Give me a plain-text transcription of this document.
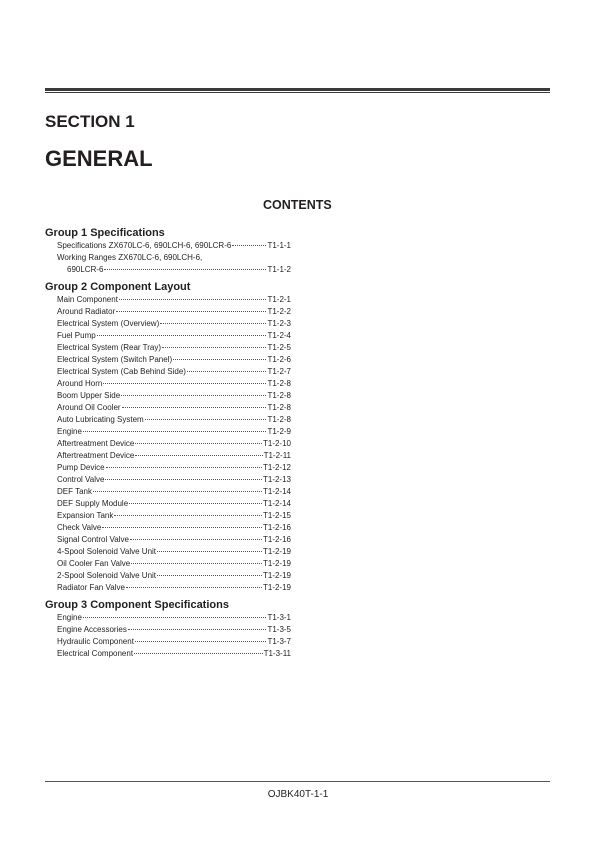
SECTION 1
GENERAL
CONTENTS
Group 1 Specifications
Specifications ZX670LC-6, 690LCH-6, 690LCR-6	T1-1-1
Working Ranges ZX670LC-6, 690LCH-6,
690LCR-6	T1-1-2
Group 2 Component Layout
Main Component	T1-2-1
Around Radiator	T1-2-2
Electrical System (Overview)	T1-2-3
Fuel Pump	T1-2-4
Electrical System (Rear Tray)	T1-2-5
Electrical System (Switch Panel)	T1-2-6
Electrical System (Cab Behind Side)	T1-2-7
Around Horn	T1-2-8
Boom Upper Side	T1-2-8
Around Oil Cooler	T1-2-8
Auto Lubricating System	T1-2-8
Engine	T1-2-9
Aftertreatment Device	T1-2-10
Aftertreatment Device	T1-2-11
Pump Device	T1-2-12
Control Valve	T1-2-13
DEF Tank	T1-2-14
DEF Supply Module	T1-2-14
Expansion Tank	T1-2-15
Check Valve	T1-2-16
Signal Control Valve	T1-2-16
4-Spool Solenoid Valve Unit	T1-2-19
Oil Cooler Fan Valve	T1-2-19
2-Spool Solenoid Valve Unit	T1-2-19
Radiator Fan Valve	T1-2-19
Group 3 Component Specifications
Engine	T1-3-1
Engine Accessories	T1-3-5
Hydraulic Component	T1-3-7
Electrical Component	T1-3-11
OJBK40T-1-1
